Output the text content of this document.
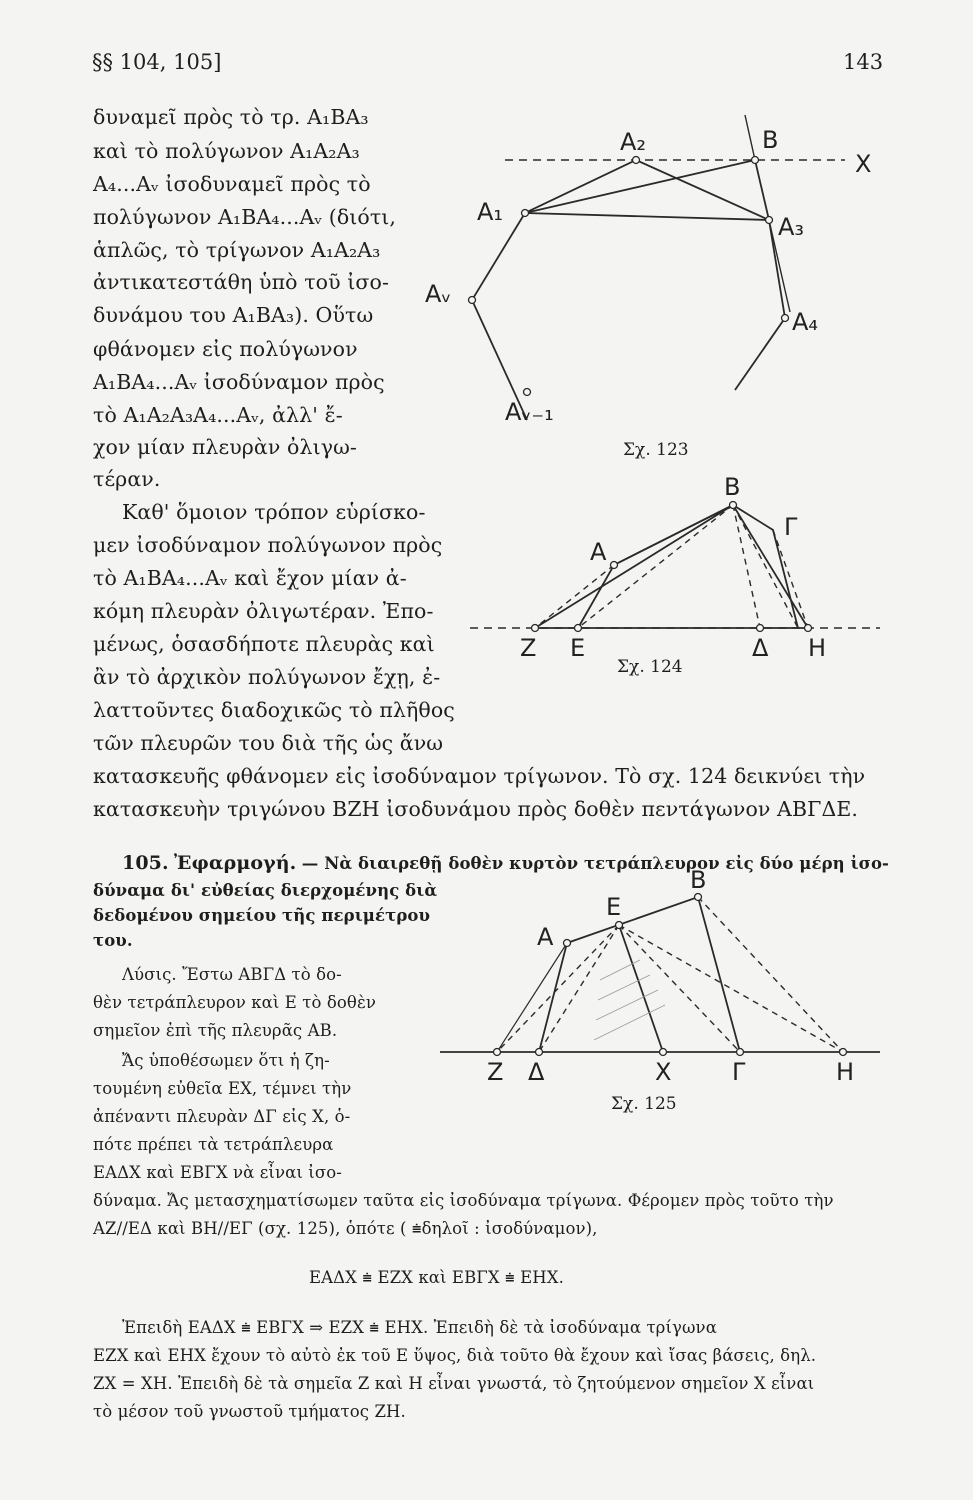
§§ 104, 105]	143
δυναμεῖ πρὸς τὸ τρ. A₁BA₃
καὶ τὸ πολύγωνον A₁A₂A₃
A₄...Aᵥ ἰσοδυναμεῖ πρὸς τὸ
πολύγωνον A₁BA₄...Aᵥ (διότι,
ἁπλῶς, τὸ τρίγωνον A₁A₂A₃
ἀντικατεστάθη ὑπὸ τοῦ ἰσο-
δυνάμου του A₁BA₃). Οὕτω
φθάνομεν εἰς πολύγωνον
A₁BA₄...Aᵥ ἰσοδύναμον πρὸς
τὸ A₁A₂A₃A₄...Aᵥ, ἀλλ' ἔ-
χον μίαν πλευρὰν ὀλιγω-
τέραν.
Καθ' ὅμοιον τρόπον εὑρίσκο-
μεν ἰσοδύναμον πολύγωνον πρὸς
τὸ A₁BA₄...Aᵥ καὶ ἔχον μίαν ἀ-
κόμη πλευρὰν ὀλιγωτέραν. Ἐπο-
μένως, ὁσασδήποτε πλευρὰς καὶ
ἂν τὸ ἀρχικὸν πολύγωνον ἔχῃ, ἐ-
λαττοῦντες διαδοχικῶς τὸ πλῆθος
τῶν πλευρῶν του διὰ τῆς ὡς ἄνω
κατασκευῆς φθάνομεν εἰς ἰσοδύναμον τρίγωνον. Τὸ σχ. 124 δεικνύει τὴν
κατασκευὴν τριγώνου BZH ἰσοδυνάμου πρὸς δοθὲν πεντάγωνον ΑΒΓΔΕ.
105. Ἐφαρμογή. — Νὰ διαιρεθῇ δοθὲν κυρτὸν τετράπλευρον εἰς δύο μέρη ἰσο-
δύναμα δι' εὐθείας διερχομένης διὰ
δεδομένου σημείου τῆς περιμέτρου
του.
Λύσις. Ἔστω ΑΒΓΔ τὸ δο-
θὲν τετράπλευρον καὶ Ε τὸ δοθὲν
σημεῖον ἐπὶ τῆς πλευρᾶς ΑΒ.
Ἄς ὑποθέσωμεν ὅτι ἡ ζη-
τουμένη εὐθεῖα ΕΧ, τέμνει τὴν
ἀπέναντι πλευρὰν ΔΓ εἰς Χ, ὁ-
πότε πρέπει τὰ τετράπλευρα
ΕΑΔΧ καὶ ΕΒΓΧ νὰ εἶναι ἰσο-
δύναμα. Ἄς μετασχηματίσωμεν ταῦτα εἰς ἰσοδύναμα τρίγωνα. Φέρομεν πρὸς τοῦτο τὴν
ΑΖ//ΕΔ καὶ ΒΗ//ΕΓ (σχ. 125), ὁπότε ( ⩧δηλοῖ : ἰσοδύναμον),
ΕΑΔΧ ⩧ ΕΖΧ καὶ ΕΒΓΧ ⩧ ΕΗΧ.
Ἐπειδὴ ΕΑΔΧ ⩧ ΕΒΓΧ ⇒ ΕΖΧ ⩧ ΕΗΧ. Ἐπειδὴ δὲ τὰ ἰσοδύναμα τρίγωνα
ΕΖΧ καὶ ΕΗΧ ἔχουν τὸ αὐτὸ ἐκ τοῦ Ε ὕψος, διὰ τοῦτο θὰ ἔχουν καὶ ἴσας βάσεις, δηλ.
ΖΧ = ΧΗ. Ἐπειδὴ δὲ τὰ σημεῖα Ζ καὶ Η εἶναι γνωστά, τὸ ζητούμενον σημεῖον Χ εἶναι
τὸ μέσον τοῦ γνωστοῦ τμήματος ΖΗ.
A₂	B
X
A₁
A₃
Aᵥ
A₄
Aᵥ₋₁
Σχ. 123
B
Γ
A
Z E	Δ H
Σχ. 124
B
E
A
Z Δ	X	Γ	H
Σχ. 125
